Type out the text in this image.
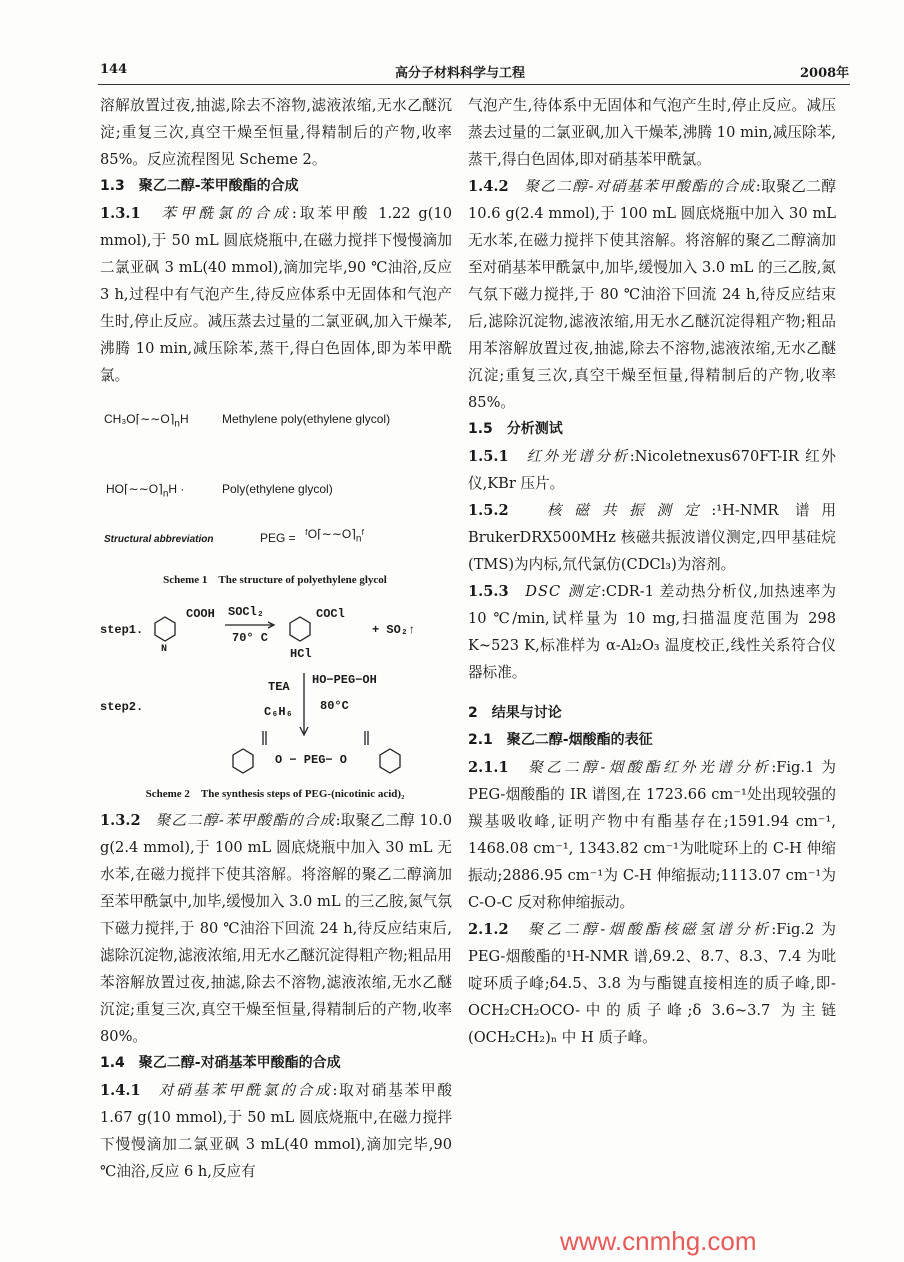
144	高分子材料科学与工程	2008年

溶解放置过夜,抽滤,除去不溶物,滤液浓缩,无水乙醚沉淀;重复三次,真空干燥至恒量,得精制后的产物,收率85%。反应流程图见 Scheme 2。

1.3　聚乙二醇-苯甲酸酯的合成

1.3.1　苯甲酰氯的合成:取苯甲酸 1.22 g(10 mmol),于 50 mL 圆底烧瓶中,在磁力搅拌下慢慢滴加二氯亚砜 3 mL(40 mmol),滴加完毕,90 ℃油浴,反应 3 h,过程中有气泡产生,待反应体系中无固体和气泡产生时,停止反应。减压蒸去过量的二氯亚砜,加入干燥苯,沸腾 10 min,减压除苯,蒸干,得白色固体,即为苯甲酰氯。

$CH_3O⌈\sim\sim O⌉_nH$	Methylene poly(ethylene glycol)
$HO⌈\sim\sim O⌉_nH$ ·	Poly(ethylene glycol)
Structural abbreviation	PEG = $ᶠO⌈\sim\sim O⌉_nᶠ$
Scheme 1　The structure of polyethylene glycol
step1.
COOH
N
SOCl₂
70° C
COCl
HCl
+ SO₂↑
step2.
TEA
C₆H₆
HO−PEG−OH
80°C
O − PEG− O
Scheme 2　The synthesis steps of PEG-(nicotinic acid)₂

1.3.2　聚乙二醇-苯甲酸酯的合成:取聚乙二醇 10.0 g(2.4 mmol),于 100 mL 圆底烧瓶中加入 30 mL 无水苯,在磁力搅拌下使其溶解。将溶解的聚乙二醇滴加至苯甲酰氯中,加毕,缓慢加入 3.0 mL 的三乙胺,氮气氛下磁力搅拌,于 80 ℃油浴下回流 24 h,待反应结束后,滤除沉淀物,滤液浓缩,用无水乙醚沉淀得粗产物;粗品用苯溶解放置过夜,抽滤,除去不溶物,滤液浓缩,无水乙醚沉淀;重复三次,真空干燥至恒量,得精制后的产物,收率 80%。

1.4　聚乙二醇-对硝基苯甲酸酯的合成

1.4.1　对硝基苯甲酰氯的合成:取对硝基苯甲酸 1.67 g(10 mmol),于 50 mL 圆底烧瓶中,在磁力搅拌下慢慢滴加二氯亚砜 3 mL(40 mmol),滴加完毕,90 ℃油浴,反应 6 h,反应有

气泡产生,待体系中无固体和气泡产生时,停止反应。减压蒸去过量的二氯亚砜,加入干燥苯,沸腾 10 min,减压除苯,蒸干,得白色固体,即对硝基苯甲酰氯。

1.4.2　聚乙二醇-对硝基苯甲酸酯的合成:取聚乙二醇 10.6 g(2.4 mmol),于 100 mL 圆底烧瓶中加入 30 mL 无水苯,在磁力搅拌下使其溶解。将溶解的聚乙二醇滴加至对硝基苯甲酰氯中,加毕,缓慢加入 3.0 mL 的三乙胺,氮气氛下磁力搅拌,于 80 ℃油浴下回流 24 h,待反应结束后,滤除沉淀物,滤液浓缩,用无水乙醚沉淀得粗产物;粗品用苯溶解放置过夜,抽滤,除去不溶物,滤液浓缩,无水乙醚沉淀;重复三次,真空干燥至恒量,得精制后的产物,收率 85%。

1.5　分析测试

1.5.1　红外光谱分析:Nicoletnexus670FT-IR 红外仪,KBr 压片。

1.5.2　核磁共振测定:¹H-NMR 谱用 BrukerDRX500MHz 核磁共振波谱仪测定,四甲基硅烷(TMS)为内标,氘代氯仿(CDCl₃)为溶剂。

1.5.3　DSC 测定:CDR-1 差动热分析仪,加热速率为 10 ℃/min,试样量为 10 mg,扫描温度范围为 298 K~523 K,标准样为 α-Al₂O₃ 温度校正,线性关系符合仪器标准。

2　结果与讨论

2.1　聚乙二醇-烟酸酯的表征

2.1.1　聚乙二醇-烟酸酯红外光谱分析:Fig.1 为 PEG-烟酸酯的 IR 谱图,在 1723.66 cm⁻¹处出现较强的羰基吸收峰,证明产物中有酯基存在;1591.94 cm⁻¹, 1468.08 cm⁻¹, 1343.82 cm⁻¹为吡啶环上的 C-H 伸缩振动;2886.95 cm⁻¹为 C-H 伸缩振动;1113.07 cm⁻¹为 C-O-C 反对称伸缩振动。

2.1.2　聚乙二醇-烟酸酯核磁氢谱分析:Fig.2 为 PEG-烟酸酯的¹H-NMR 谱,δ9.2、8.7、8.3、7.4 为吡啶环质子峰;δ4.5、3.8 为与酯键直接相连的质子峰,即-OCH₂CH₂OCO-中的质子峰;δ 3.6~3.7 为主链(OCH₂CH₂)ₙ 中 H 质子峰。

www.cnmhg.com
